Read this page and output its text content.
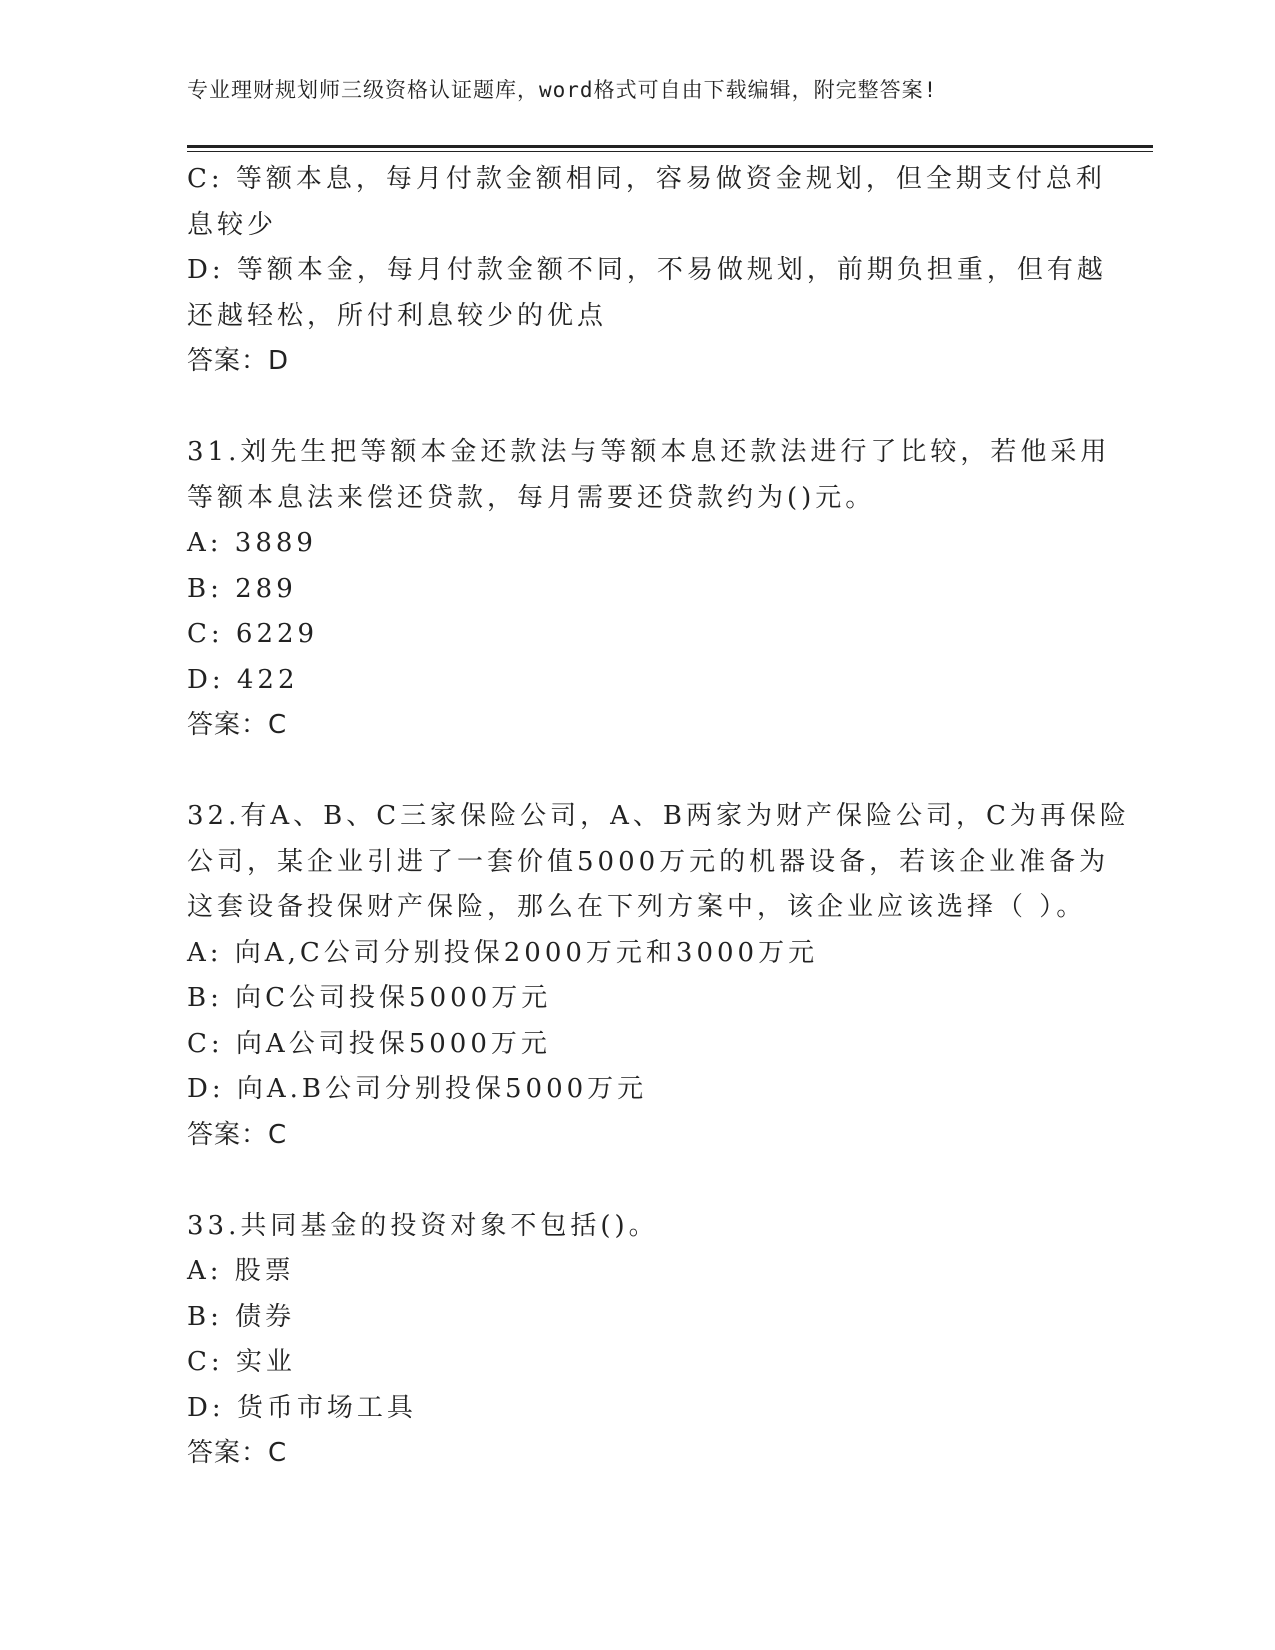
专业理财规划师三级资格认证题库，word格式可自由下载编辑，附完整答案!
C: 等额本息，每月付款金额相同，容易做资金规划，但全期支付总利
息较少
D: 等额本金，每月付款金额不同，不易做规划，前期负担重，但有越
还越轻松，所付利息较少的优点
答案：D
31.刘先生把等额本金还款法与等额本息还款法进行了比较，若他采用
等额本息法来偿还贷款，每月需要还贷款约为()元。
A: 3889
B: 289
C: 6229
D: 422
答案：C
32.有A、B、C三家保险公司，A、B两家为财产保险公司，C为再保险
公司，某企业引进了一套价值5000万元的机器设备，若该企业准备为
这套设备投保财产保险，那么在下列方案中，该企业应该选择（ ）。
A: 向A,C公司分别投保2000万元和3000万元
B: 向C公司投保5000万元
C: 向A公司投保5000万元
D: 向A.B公司分别投保5000万元
答案：C
33.共同基金的投资对象不包括()。
A: 股票
B: 债券
C: 实业
D: 货币市场工具
答案：C
